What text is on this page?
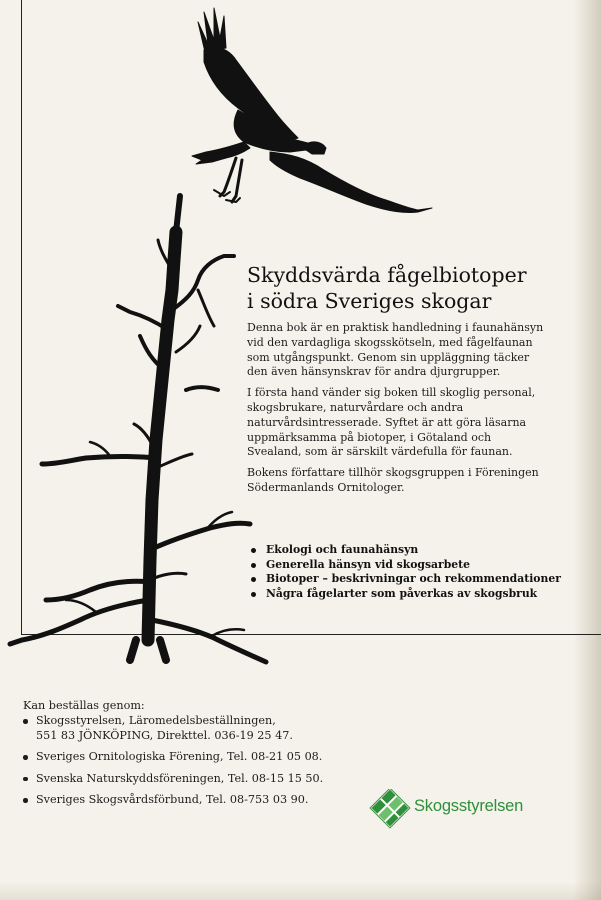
Skyddsvärda fågelbiotoper
i södra Sveriges skogar

Denna bok är en praktisk handledning i faunahänsyn vid den vardagliga skogsskötseln, med fågelfaunan som utgångspunkt. Genom sin uppläggning täcker den även hänsynskrav för andra djurgrupper.

I första hand vänder sig boken till skoglig personal, skogsbrukare, naturvårdare och andra naturvårdsintresserade. Syftet är att göra läsarna uppmärksamma på biotoper, i Götaland och Svealand, som är särskilt värdefulla för faunan.

Bokens författare tillhör skogsgruppen i Föreningen Södermanlands Ornitologer.

Ekologi och faunahänsyn
Generella hänsyn vid skogsarbete
Biotoper – beskrivningar och rekommendationer
Några fågelarter som påverkas av skogsbruk

Kan beställas genom:

Skogsstyrelsen, Läromedelsbeställningen,
551 83 JÖNKÖPING, Direkttel. 036-19 25 47.
Sveriges Ornitologiska Förening, Tel. 08-21 05 08.
Svenska Naturskyddsföreningen, Tel. 08-15 15 50.
Sveriges Skogsvårdsförbund, Tel. 08-753 03 90.	Skogsstyrelsen
